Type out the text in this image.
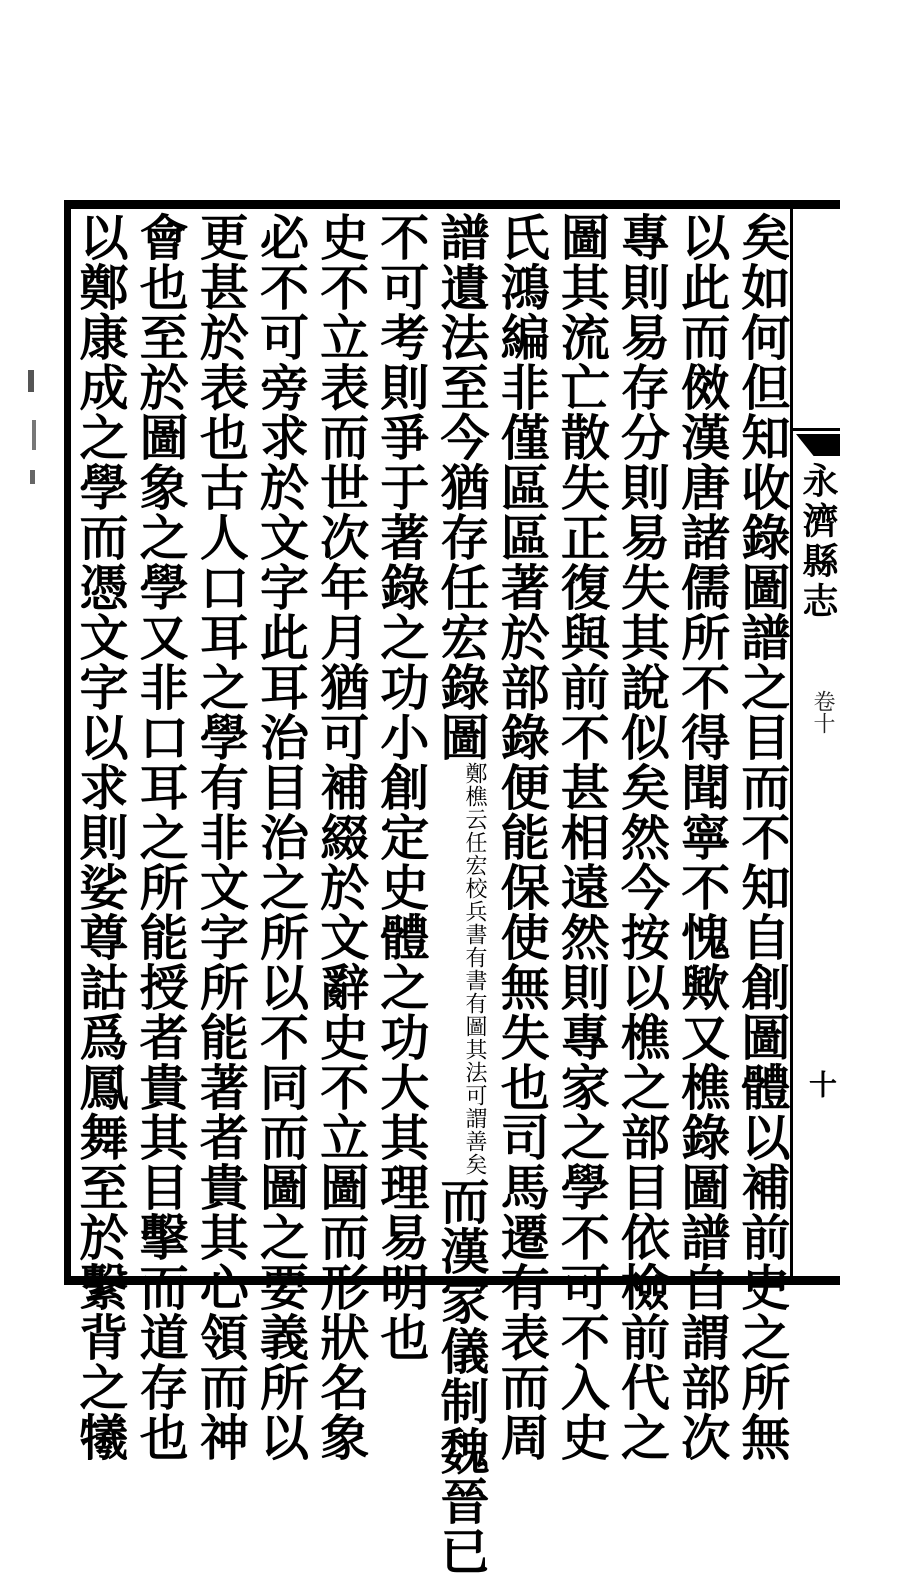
永濟縣志
卷十
十
矣如何但知收錄圖譜之目而不知自創圖體以補前史之所無
以此而傚漢唐諸儒所不得聞寧不愧歟又樵錄圖譜自謂部次
專則易存分則易失其說似矣然今按以樵之部目依檢前代之
圖其流亡散失正復與前不甚相遠然則專家之學不可不入史
氏鴻編非僅區區著於部錄便能保使無失也司馬遷有表而周
譜遺法至今猶存任宏錄圖鄭樵云任宏校兵書有書有圖其法可謂善矣而漢家儀制魏晉已
不可考則爭于著錄之功小創定史體之功大其理易明也
史不立表而世次年月猶可補綴於文辭史不立圖而形狀名象
必不可旁求於文字此耳治目治之所以不同而圖之要義所以
更甚於表也古人口耳之學有非文字所能著者貴其心領而神
會也至於圖象之學又非口耳之所能授者貴其目擊而道存也
以鄭康成之學而憑文字以求則娑尊詁爲鳳舞至於繫背之犧
